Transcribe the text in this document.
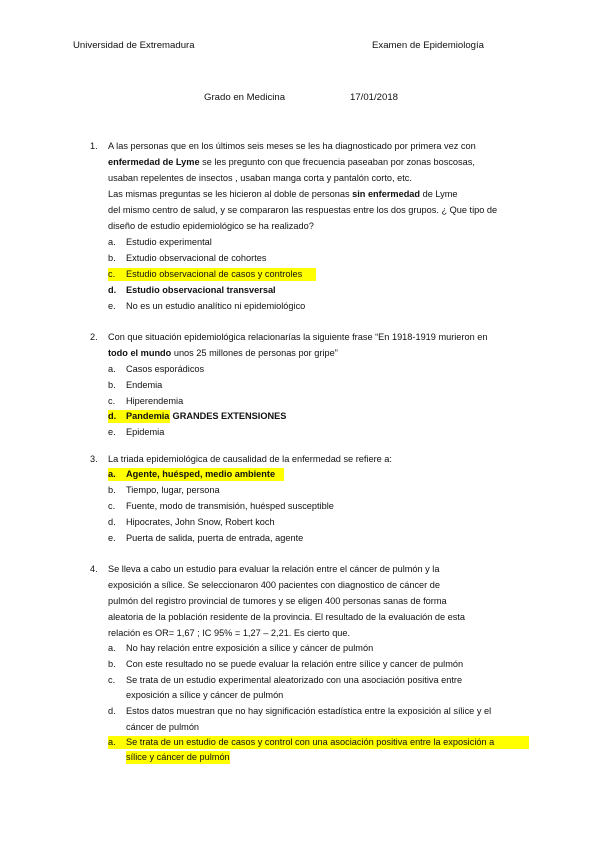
Universidad de Extremadura	Examen de Epidemiología
Grado en Medicina	17/01/2018
1. A las personas que en los últimos seis meses se les ha diagnosticado por primera vez con
enfermedad de Lyme se les pregunto con que frecuencia paseaban por zonas boscosas,
usaban repelentes de insectos , usaban manga corta y pantalón corto, etc.
Las mismas preguntas se les hicieron al doble de personas sin enfermedad de Lyme
del mismo centro de salud, y se compararon las respuestas entre los dos grupos. ¿ Que tipo de
diseño de estudio epidemiológico se ha realizado?
a. Estudio experimental
b. Extudio observacional de cohortes
c. Estudio observacional de casos y controles
d. Estudio observacional transversal
e. No es un estudio analítico ni epidemiológico
2. Con que situación epidemiológica relacionarías la siguiente frase “En 1918-1919 murieron en
todo el mundo unos 25 millones de personas por gripe”
a. Casos esporádicos
b. Endemia
c. Hiperendemia
d. Pandemia GRANDES EXTENSIONES
e. Epidemia
3. La triada epidemiológica de causalidad de la enfermedad se refiere a:
a. Agente, huésped, medio ambiente
b. Tiempo, lugar, persona
c. Fuente, modo de transmisión, huésped susceptible
d. Hipocrates, John Snow, Robert koch
e. Puerta de salida, puerta de entrada, agente
4. Se lleva a cabo un estudio para evaluar la relación entre el cáncer de pulmón y la
exposición a sílice. Se seleccionaron 400 pacientes con diagnostico de cáncer de
pulmón del registro provincial de tumores y se eligen 400 personas sanas de forma
aleatoria de la población residente de la provincia. El resultado de la evaluación de esta
relación es OR= 1,67 ; IC 95% = 1,27 – 2,21. Es cierto que.
a. No hay relación entre exposición a sílice y cáncer de pulmón
b. Con este resultado no se puede evaluar la relación entre sílice y cancer de pulmón
c. Se trata de un estudio experimental aleatorizado con una asociación positiva entre
exposición a sílice y cáncer de pulmón
d. Estos datos muestran que no hay significación estadística entre la exposición al sílice y el
cáncer de pulmón
a. Se trata de un estudio de casos y control con una asociación positiva entre la exposición a
sílice y cáncer de pulmón
